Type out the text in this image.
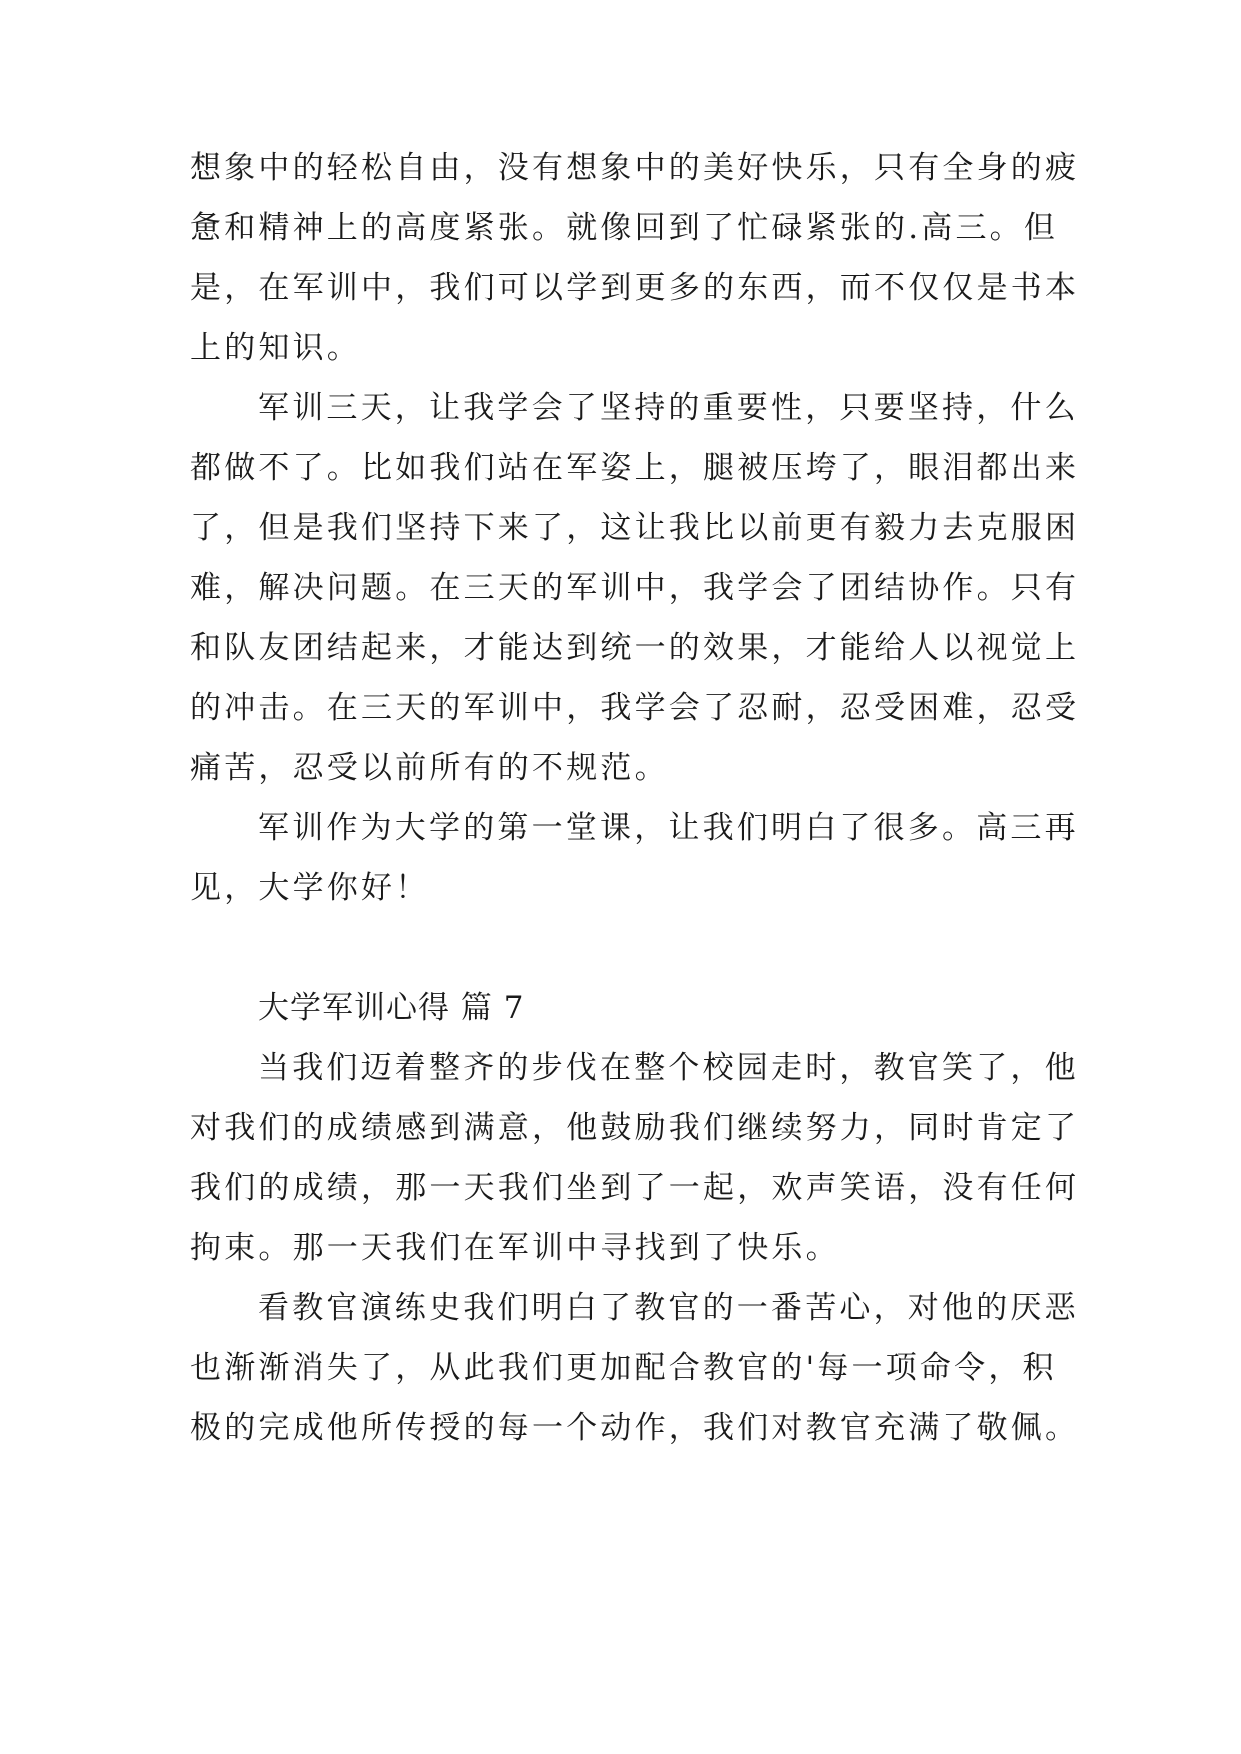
想象中的轻松自由，没有想象中的美好快乐，只有全身的疲
惫和精神上的高度紧张。就像回到了忙碌紧张的.高三。但
是，在军训中，我们可以学到更多的东西，而不仅仅是书本
上的知识。
军训三天，让我学会了坚持的重要性，只要坚持，什么
都做不了。比如我们站在军姿上，腿被压垮了，眼泪都出来
了，但是我们坚持下来了，这让我比以前更有毅力去克服困
难，解决问题。在三天的军训中，我学会了团结协作。只有
和队友团结起来，才能达到统一的效果，才能给人以视觉上
的冲击。在三天的军训中，我学会了忍耐，忍受困难，忍受
痛苦，忍受以前所有的不规范。
军训作为大学的第一堂课，让我们明白了很多。高三再
见，大学你好！
大学军训心得 篇 7
当我们迈着整齐的步伐在整个校园走时，教官笑了，他
对我们的成绩感到满意，他鼓励我们继续努力，同时肯定了
我们的成绩，那一天我们坐到了一起，欢声笑语，没有任何
拘束。那一天我们在军训中寻找到了快乐。
看教官演练史我们明白了教官的一番苦心，对他的厌恶
也渐渐消失了，从此我们更加配合教官的'每一项命令，积
极的完成他所传授的每一个动作，我们对教官充满了敬佩。
